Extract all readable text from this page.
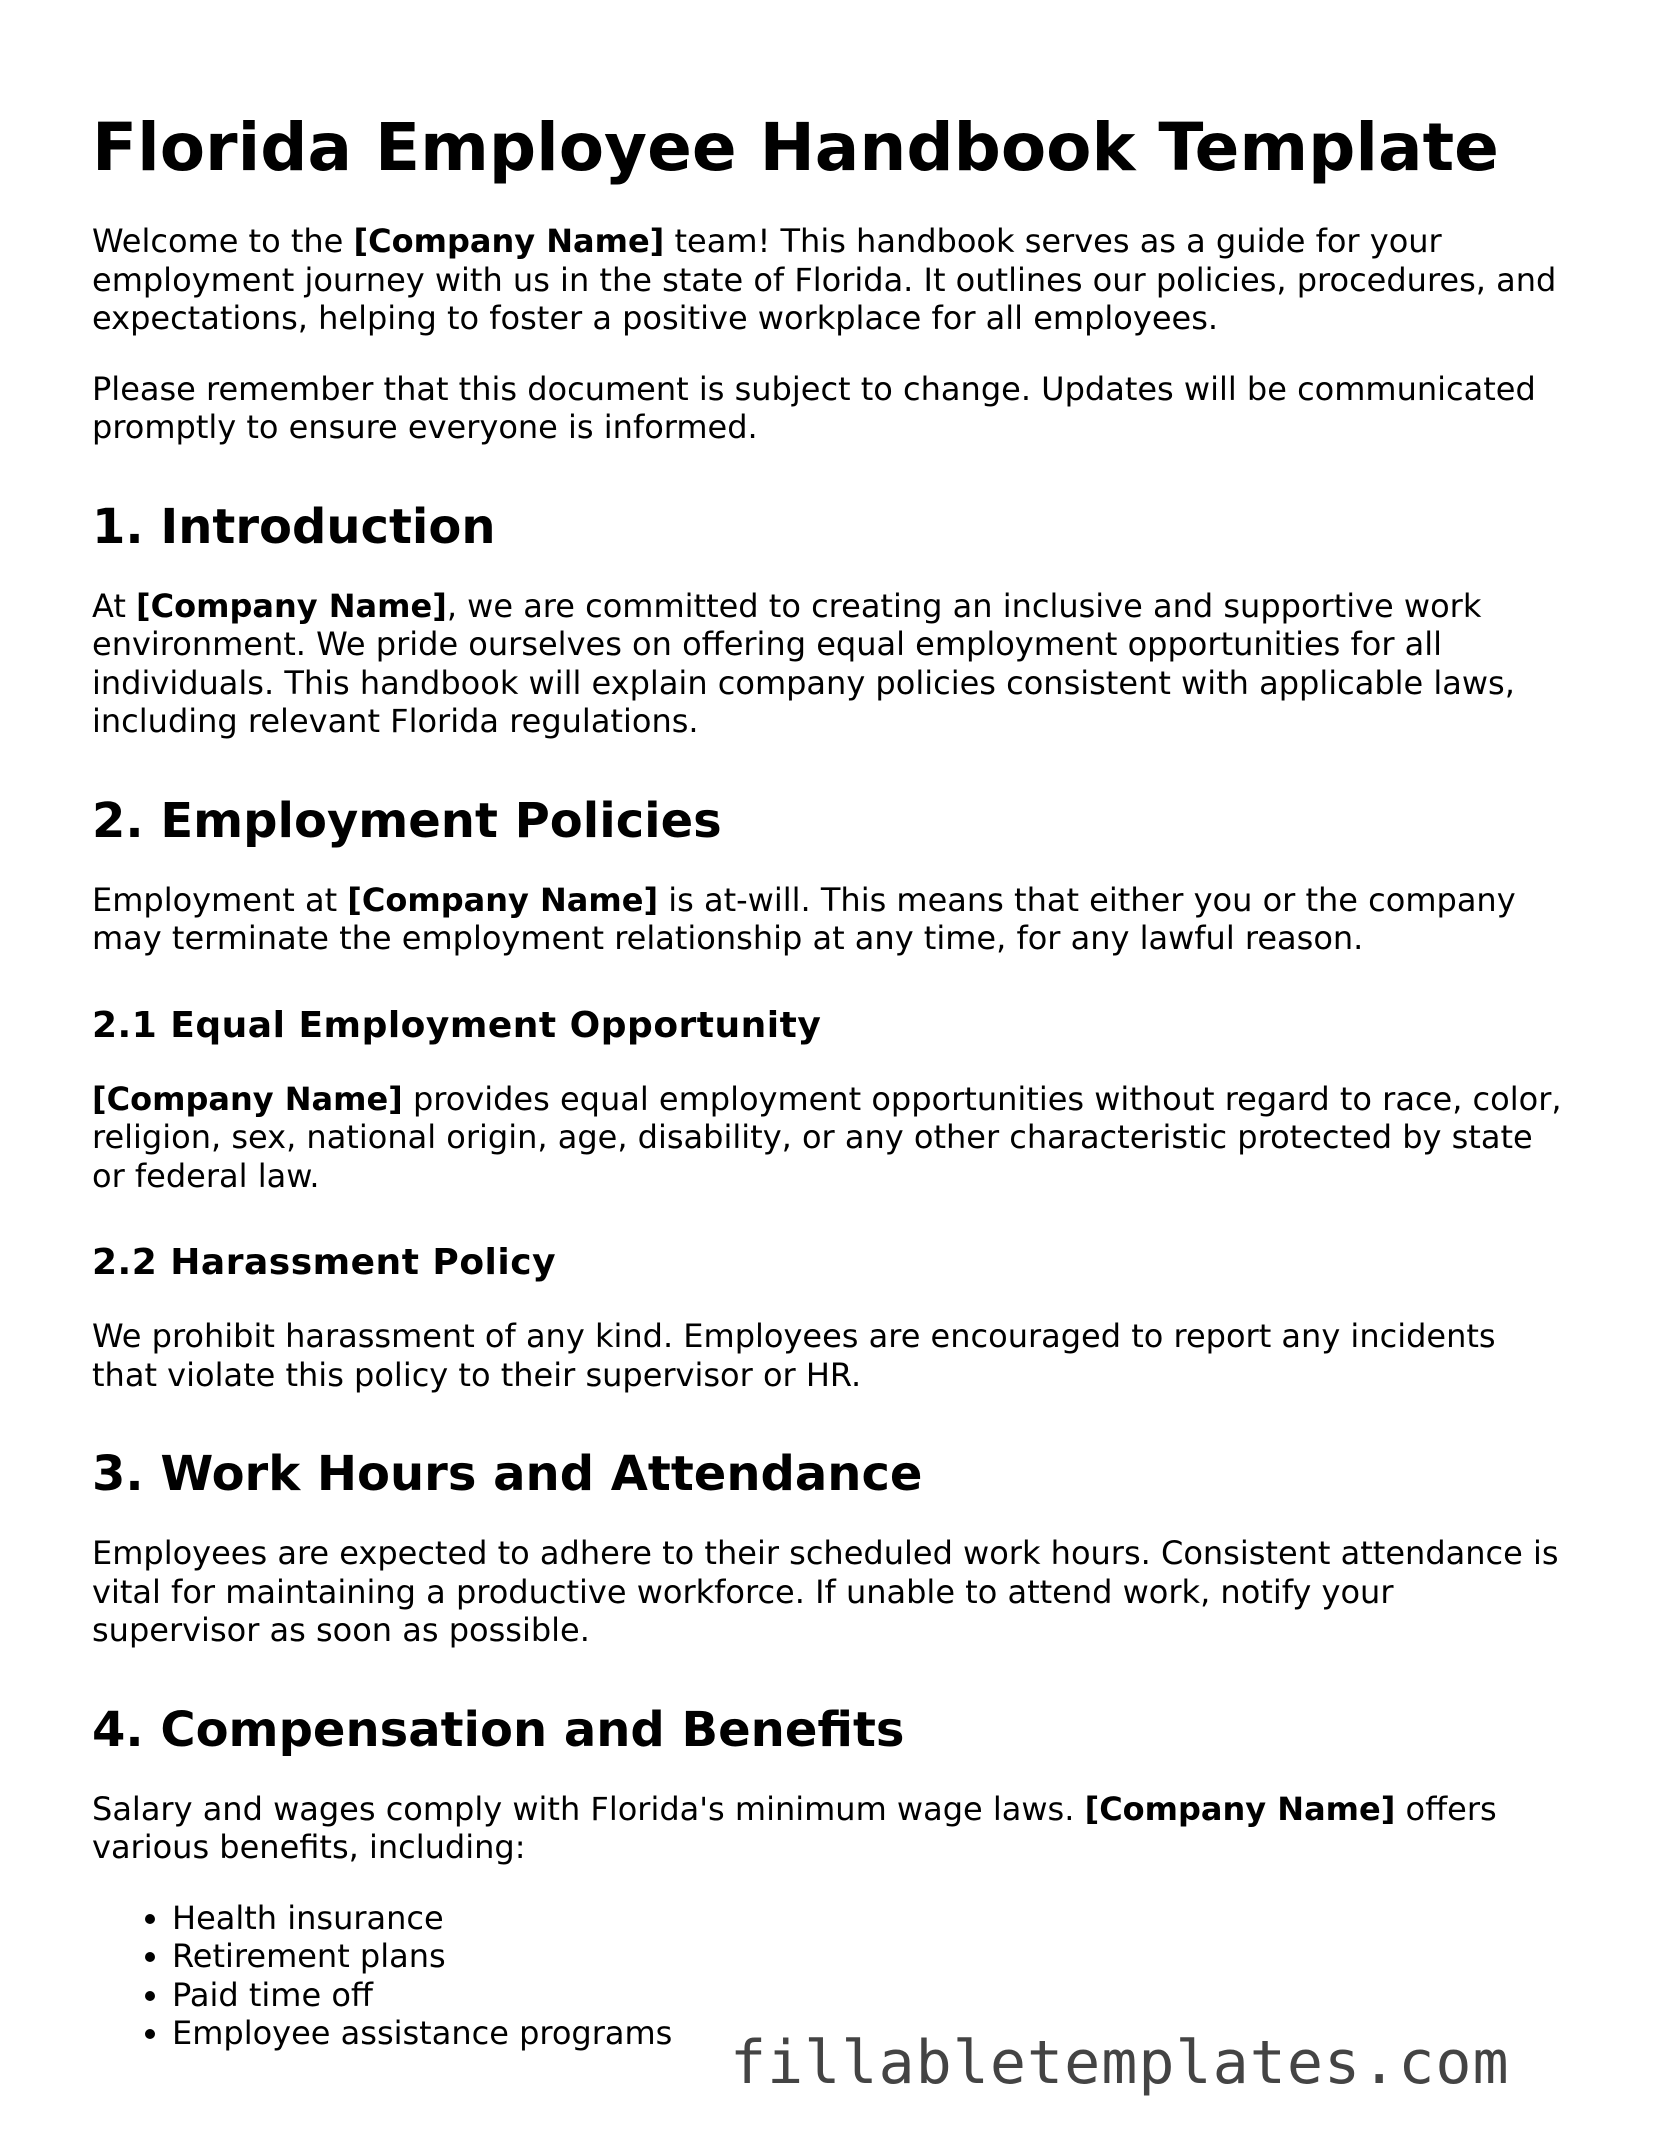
Florida Employee Handbook Template

Welcome to the [Company Name] team! This handbook serves as a guide for your employment journey with us in the state of Florida. It outlines our policies, procedures, and expectations, helping to foster a positive workplace for all employees.

Please remember that this document is subject to change. Updates will be communicated promptly to ensure everyone is informed.

1. Introduction

At [Company Name], we are committed to creating an inclusive and supportive work environment. We pride ourselves on offering equal employment opportunities for all individuals. This handbook will explain company policies consistent with applicable laws, including relevant Florida regulations.

2. Employment Policies

Employment at [Company Name] is at-will. This means that either you or the company may terminate the employment relationship at any time, for any lawful reason.

2.1 Equal Employment Opportunity

[Company Name] provides equal employment opportunities without regard to race, color, religion, sex, national origin, age, disability, or any other characteristic protected by state or federal law.

2.2 Harassment Policy

We prohibit harassment of any kind. Employees are encouraged to report any incidents that violate this policy to their supervisor or HR.

3. Work Hours and Attendance

Employees are expected to adhere to their scheduled work hours. Consistent attendance is vital for maintaining a productive workforce. If unable to attend work, notify your supervisor as soon as possible.

4. Compensation and Benefits

Salary and wages comply with Florida's minimum wage laws. [Company Name] offers various benefits, including:

• Health insurance
• Retirement plans
• Paid time off
• Employee assistance programs fillabletemplates.com
